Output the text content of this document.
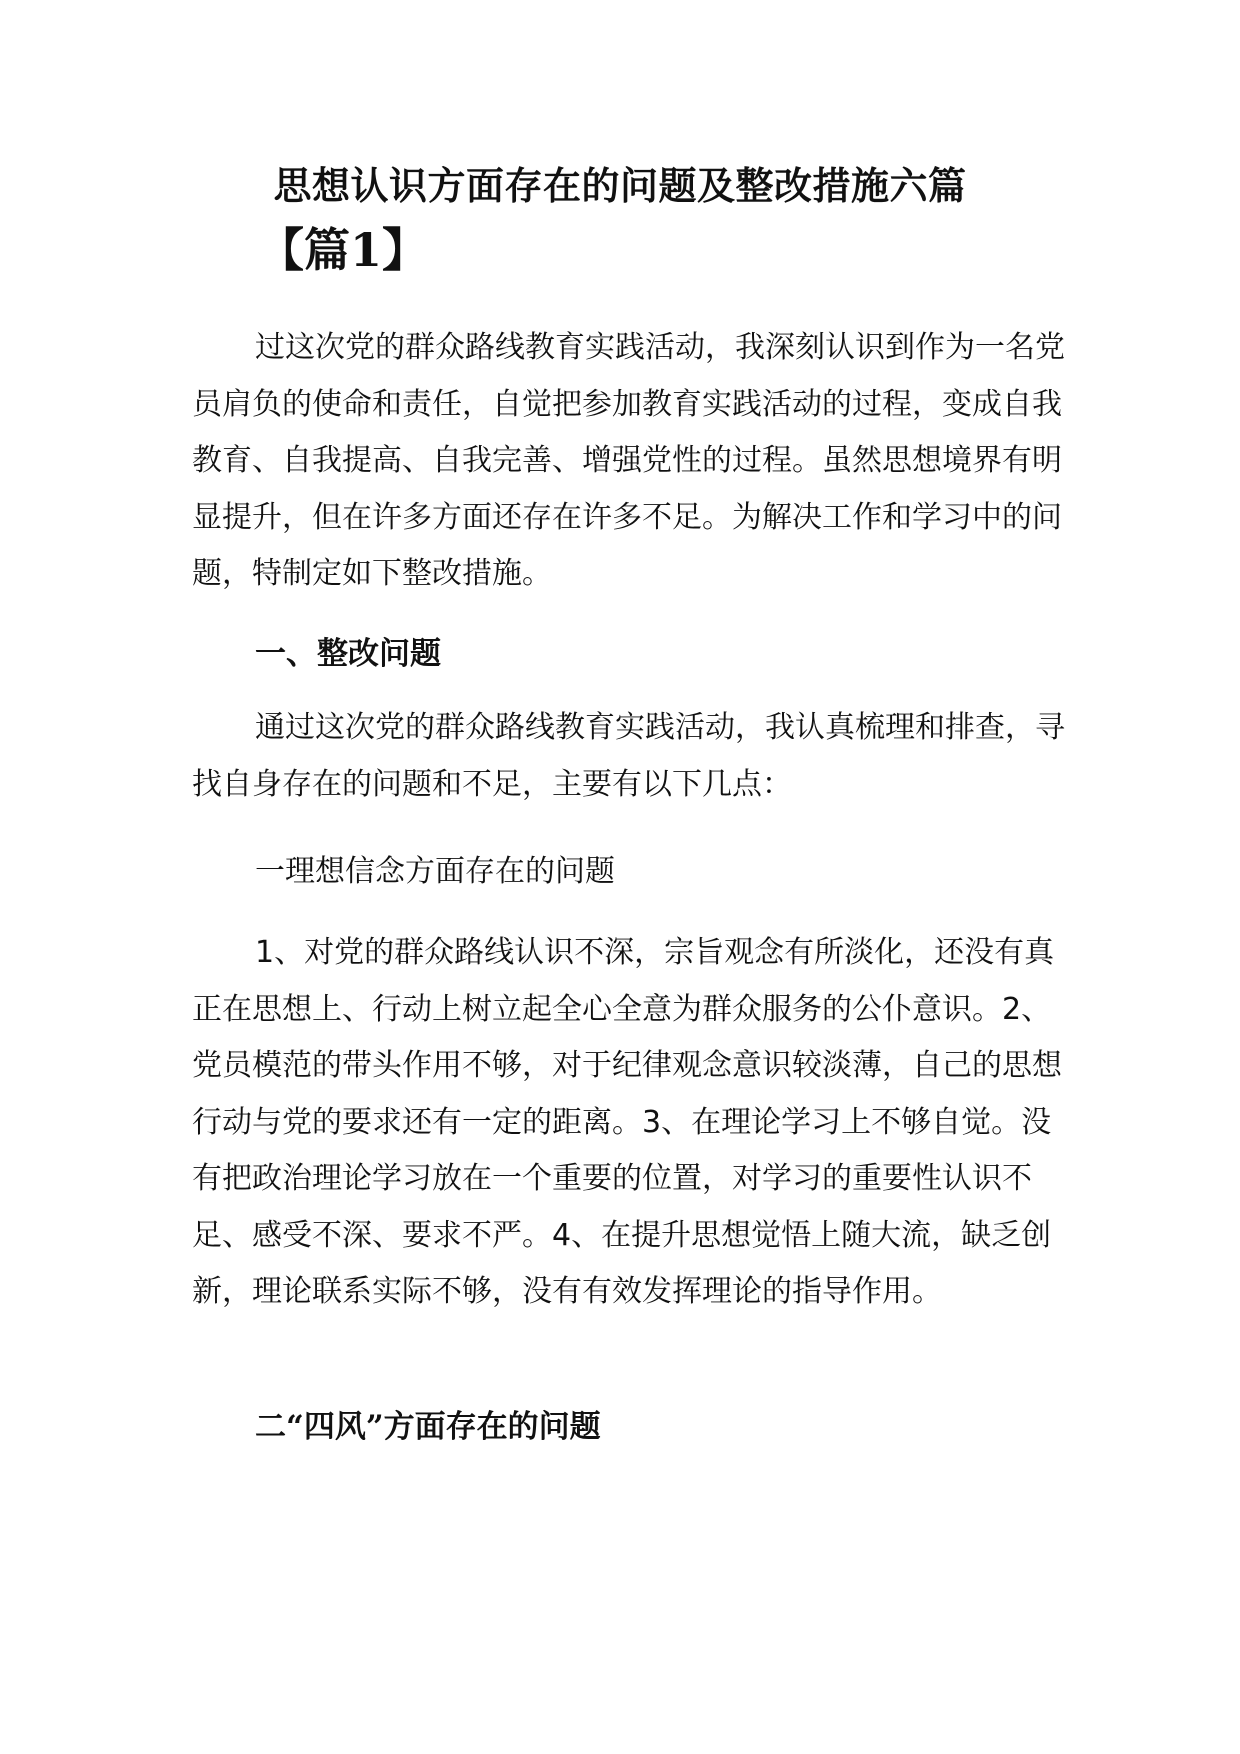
思想认识方面存在的问题及整改措施六篇
【篇1】

过这次党的群众路线教育实践活动，我深刻认识到作为一名党员肩负的使命和责任，自觉把参加教育实践活动的过程，变成自我教育、自我提高、自我完善、增强党性的过程。虽然思想境界有明显提升，但在许多方面还存在许多不足。为解决工作和学习中的问题，特制定如下整改措施。

一、整改问题

通过这次党的群众路线教育实践活动，我认真梳理和排查，寻找自身存在的问题和不足，主要有以下几点：

一理想信念方面存在的问题

1、对党的群众路线认识不深，宗旨观念有所淡化，还没有真正在思想上、行动上树立起全心全意为群众服务的公仆意识。2、党员模范的带头作用不够，对于纪律观念意识较淡薄，自己的思想行动与党的要求还有一定的距离。3、在理论学习上不够自觉。没有把政治理论学习放在一个重要的位置，对学习的重要性认识不足、感受不深、要求不严。4、在提升思想觉悟上随大流，缺乏创新，理论联系实际不够，没有有效发挥理论的指导作用。

二“四风”方面存在的问题
